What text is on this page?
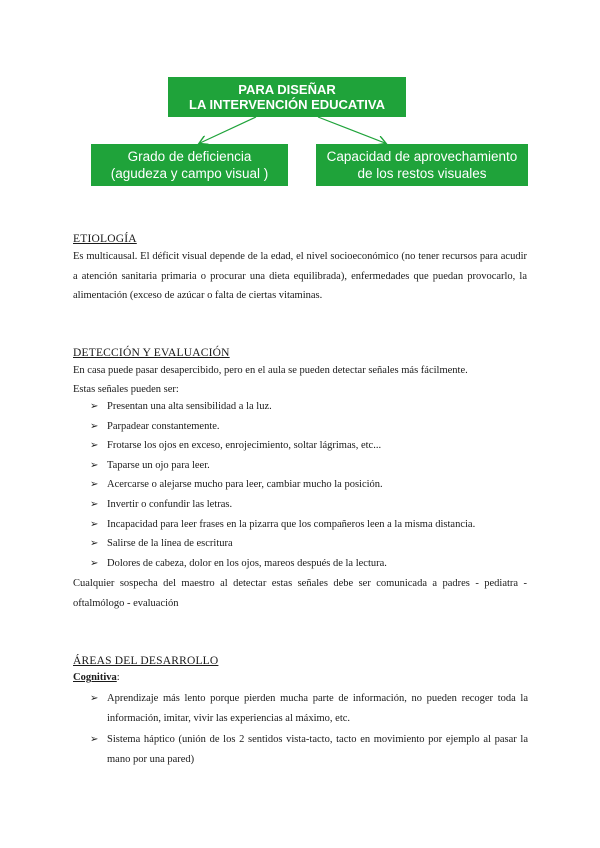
PARA DISEÑAR
LA INTERVENCIÓN EDUCATIVA
Grado de deficiencia
(agudeza y campo visual )
Capacidad de aprovechamiento
de los restos visuales
ETIOLOGÍA
Es multicausal. El déficit visual depende de la edad, el nivel socioeconómico (no tener recursos para acudir a atención sanitaria primaria o procurar una dieta equilibrada), enfermedades que puedan provocarlo, la alimentación (exceso de azúcar o falta de ciertas vitaminas.
DETECCIÓN Y EVALUACIÓN
En casa puede pasar desapercibido, pero en el aula se pueden detectar señales más fácilmente.
Estas señales pueden ser:
➢ Presentan una alta sensibilidad a la luz.
➢ Parpadear constantemente.
➢ Frotarse los ojos en exceso, enrojecimiento, soltar lágrimas, etc...
➢ Taparse un ojo para leer.
➢ Acercarse o alejarse mucho para leer, cambiar mucho la posición.
➢ Invertir o confundir las letras.
➢ Incapacidad para leer frases en la pizarra que los compañeros leen a la misma distancia.
➢ Salirse de la línea de escritura
➢ Dolores de cabeza, dolor en los ojos, mareos después de la lectura.
Cualquier sospecha del maestro al detectar estas señales debe ser comunicada a padres - pediatra - oftalmólogo - evaluación
ÁREAS DEL DESARROLLO
Cognitiva:
➢ Aprendizaje más lento porque pierden mucha parte de información, no pueden recoger toda la información, imitar, vivir las experiencias al máximo, etc.
➢ Sistema háptico (unión de los 2 sentidos vista-tacto, tacto en movimiento por ejemplo al pasar la mano por una pared)
